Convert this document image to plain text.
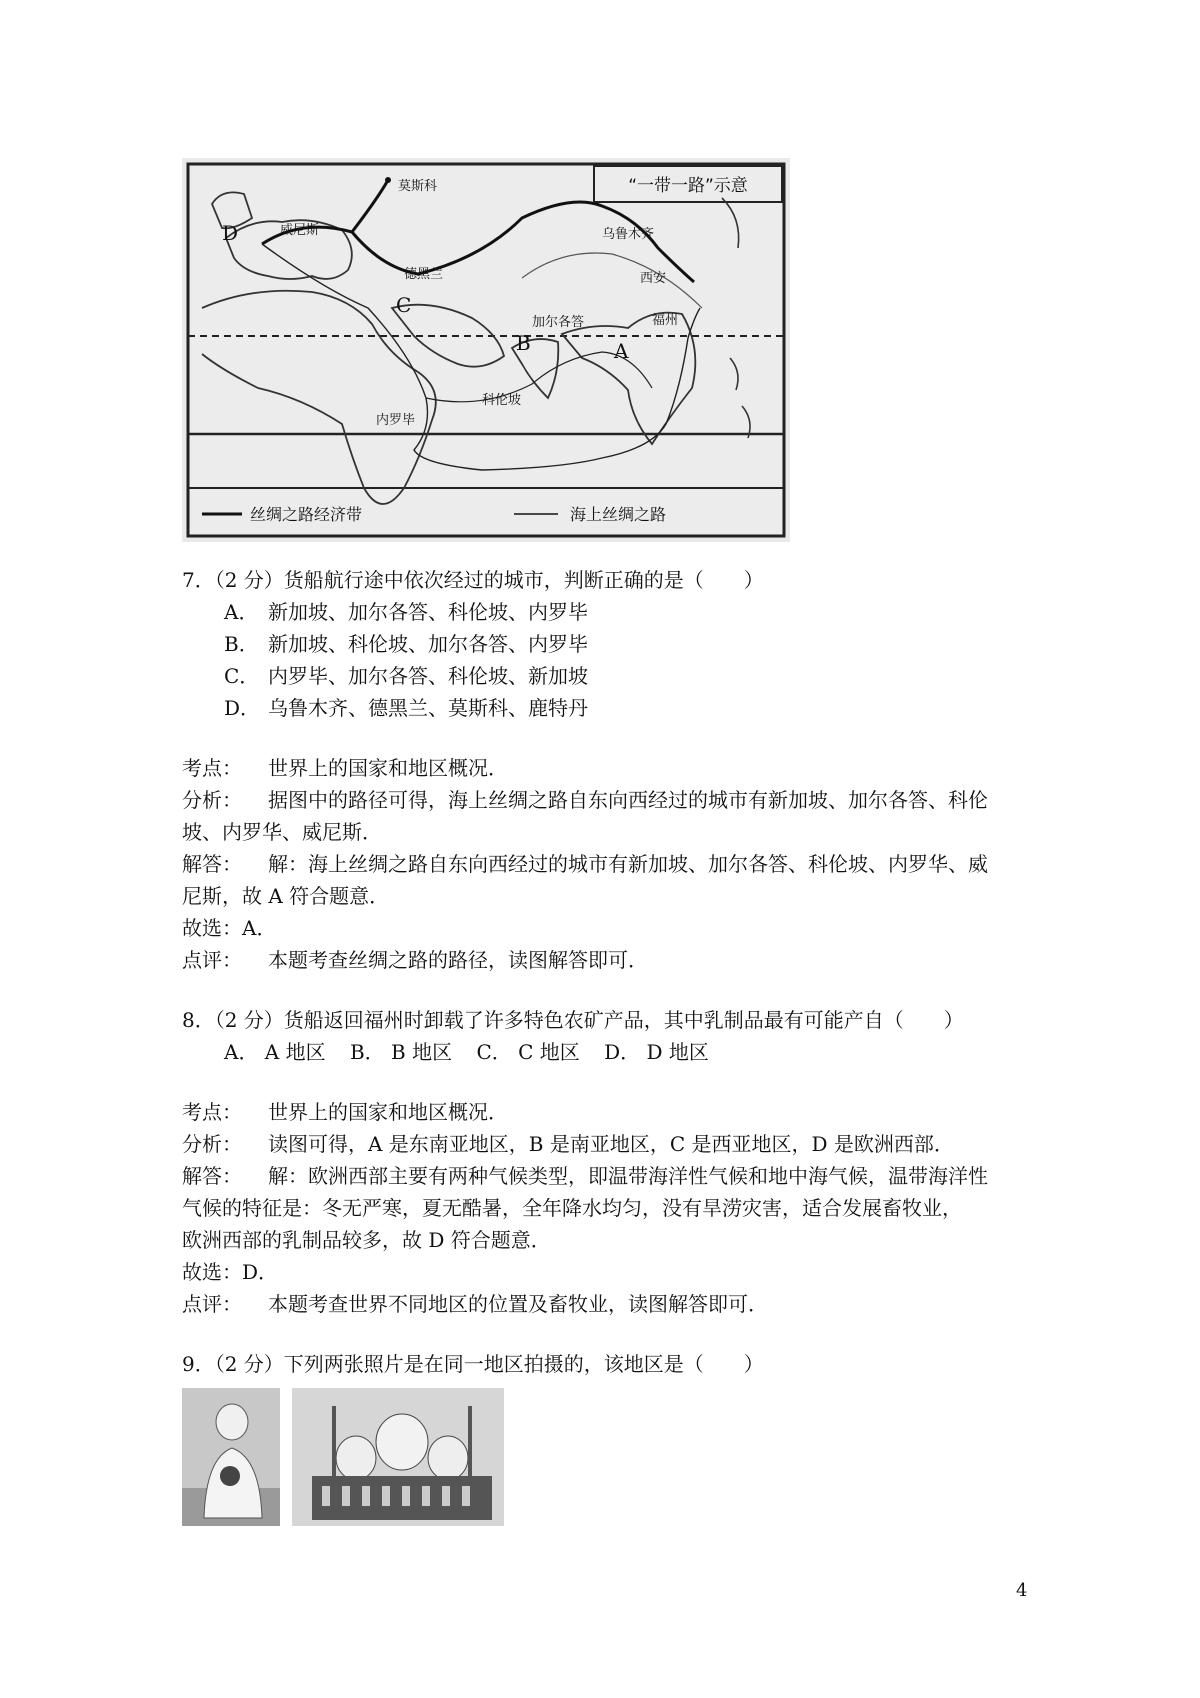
“一带一路”示意
A
B
C
D
莫斯科
威尼斯
德黑兰
乌鲁木齐
西安
福州
加尔各答
科伦坡
内罗毕
丝绸之路经济带	海上丝绸之路
7．（2 分）货船航行途中依次经过的城市，判断正确的是（　　）
A． 新加坡、加尔各答、科伦坡、内罗毕
B． 新加坡、科伦坡、加尔各答、内罗毕
C． 内罗毕、加尔各答、科伦坡、新加坡
D． 乌鲁木齐、德黑兰、莫斯科、鹿特丹
考点： 世界上的国家和地区概况．
分析： 据图中的路径可得，海上丝绸之路自东向西经过的城市有新加坡、加尔各答、科伦
坡、内罗华、威尼斯．
解答： 解：海上丝绸之路自东向西经过的城市有新加坡、加尔各答、科伦坡、内罗华、威
尼斯，故 A 符合题意．
故选：A．
点评： 本题考查丝绸之路的路径，读图解答即可．
8．（2 分）货船返回福州时卸载了许多特色农矿产品，其中乳制品最有可能产自（　　）
A． A 地区 B． B 地区 C． C 地区 D． D 地区
考点： 世界上的国家和地区概况．
分析： 读图可得，A 是东南亚地区，B 是南亚地区，C 是西亚地区，D 是欧洲西部．
解答： 解：欧洲西部主要有两种气候类型，即温带海洋性气候和地中海气候，温带海洋性
气候的特征是：冬无严寒，夏无酷暑，全年降水均匀，没有旱涝灾害，适合发展畜牧业，
欧洲西部的乳制品较多，故 D 符合题意．
故选：D．
点评： 本题考查世界不同地区的位置及畜牧业，读图解答即可．
9．（2 分）下列两张照片是在同一地区拍摄的，该地区是（　　）
4
